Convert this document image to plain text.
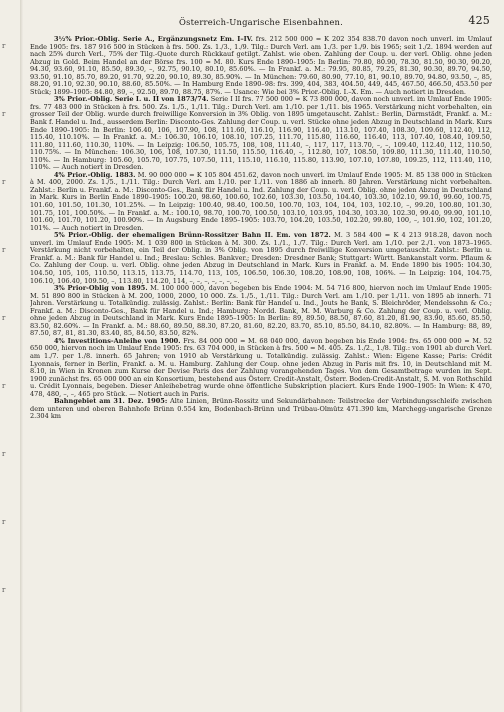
r
r
r
r
r
r
r
r
r
Österreich-Ungarische Eisenbahnen.	425

3½% Prior.-Oblig. Serie A., Ergänzungsnetz Em. I–IV. frs. 212 500 000 = K 202 354 838.70 davon noch unverl. im Umlauf Ende 1905: frs. 187 916 500 in Stücken à frs. 500. Zs. 1./3., 1./9. Tilg.: Durch Verl. am 1./3. per 1./9. bis 1965; seit 1./2. 1894 werden auf nach 25% durch Verl., 75% der Tilg.-Quote durch Rückkauf getilgt. Zahlst. wie oben. Zahlung der Coup. u. der verl. Oblig. ohne jeden Abzug in Gold. Beim Handel an der Börse frs. 100 = M. 80. Kurs Ende 1890–1905: In Berlin: 79.80, 80.90, 78.30, 81.50, 90.30, 90.20, 94.30, 93.60, 91.10, 85.50, 89.30, –, 92.75, 90.10, 80.10, 85.60%. — In Frankf. a. M.: 79.95, 80.85, 79.25, 81.30, 90.30, 89.70, 94.50, 93.50, 91.10, 85.70, 89.20, 91.70, 92.20, 90.10, 89.30, 85.90%. — In München: 79.60, 80.90, 77.10, 81, 90.10, 89.70, 94.80, 93.50, –, 85, 88.20, 91.10, 92.30, 90.10, 88.60, 85.50%. — In Hamburg Ende 1890–98: frs. 399, 404, 383, 404.50, 449, 445, 467.50, 466.50, 453.50 per Stück; 1899–1905: 84.80, 89, –, 92.50, 89.70, 88.75, 87%. — Usance: Wie bei 3% Prior.-Oblig. I.–X. Em. — Auch notiert in Dresden.

3% Prior.-Oblig. Serie I. u. II von 1873/74. Serie I II frs. 77 500 000 = K 73 800 000, davon noch unverl. im Umlauf Ende 1905: frs. 77 483 000 in Stücken à frs. 500. Zs. 1./5., 1./11. Tilg.: Durch Verl. am 1./10. per 1./11. bis 1965. Verstärkung nicht vorbehalten, ein grosser Teil der Oblig. wurde durch freiwillige Konversion in 3% Oblig. von 1895 umgetauscht. Zahlst.: Berlin, Darmstädt, Frankf. a. M.: Bank f. Handel u. Ind., ausserdem Berlin: Disconto-Ges. Zahlung der Coup. u. verl. Stücke ohne jeden Abzug in Deutschland in Mark. Kurs Ende 1890–1905: In Berlin: 106.40, 106, 107.90, 108, 111.60, 116.10, 116.90, 116.40, 113.10, 107.40, 108.30, 109.60, 112.40, 112, 115.40, 110.10%. — In Frankf. a. M.: 106.30, 106.10, 108.10, 107.25, 111.70, 115.80, 116.60, 116.40, 113, 107.40, 108.40, 109.50, 111.80, 111.60, 110.30, 110%. — In Leipzig: 106.50, 105.75, 108, 108, 111.40, –, 117, 117, 113.70, –, –, 109.40, 112.40, 112, 110.50, 110.75%. — In München: 106.30, 106, 108, 107.30, 111.50, 115.50, 116.40, –, 112.80, 107, 108.50, 109.80, 111.30, 111.40, 110.50, 110%. — In Hamburg: 105.60, 105.70, 107.75, 107.50, 111, 115.10, 116.10, 115.80, 113.90, 107.10, 107.80, 109.25, 112, 111.40, 110, 110%. — Auch notiert in Dresden.

4% Prior.-Oblig. 1883. M. 90 000 000 = K 105 804 451.62, davon noch unverl. im Umlauf Ende 1905: M. 85 138 000 in Stücken à M. 400, 2000. Zs. 1./5., 1./11. Tilg.: Durch Verl. am 1./10. per 1./11. von 1886 ab innerh. 80 Jahren. Verstärkung nicht vorbehalten. Zahlst.: Berlin u. Frankf. a. M.: Disconto-Ges., Bank für Handel u. Ind. Zahlung der Coup. u. verl. Oblig. ohne jeden Abzug in Deutschland in Mark. Kurs in Berlin Ende 1890–1905: 100.20, 98.60, 100.60, 102.60, 103.30, 103.50, 104.40, 103.30, 102.10, 99.10, 99.60, 100.75, 101.60, 101.50, 101.30, 101.25%. — In Leipzig: 100.40, 98.40, 100.50, 100.70, 103, 104, 104, 103, 102.10, –, 99.20, 100.80, 101.30, 101.75, 101, 100.50%. — In Frankf. a. M.: 100.10, 98.70, 100.70, 100.50, 103.10, 103.95, 104.30, 103.30, 102.30, 99.40, 99.90, 101.10, 101.60, 101.70, 101.20, 100.90%. — In Augsburg Ende 1895–1905: 103.70, 104.20, 103.50, 102.20, 99.80, 100, –, 101.90, 102, 101.20, 101%. — Auch notiert in Dresden.

5% Prior.-Oblig. der ehemaligen Brünn-Rossitzer Bahn II. Em. von 1872. M. 3 584 400 = K 4 213 918.28, davon noch unverl. im Umlauf Ende 1905: M. 1 039 800 in Stücken à M. 300. Zs. 1./1., 1./7. Tilg.: Durch Verl. am 1./10. per 2./1. von 1873–1965. Verstärkung nicht vorbehalten, ein Teil der Oblig. in 3% Oblig. von 1895 durch freiwillige Konversion umgetauscht. Zahlst.: Berlin u. Frankf. a. M.: Bank für Handel u. Ind.; Breslau: Schles. Bankver.; Dresden: Dresdner Bank; Stuttgart: Württ. Bankanstalt vorm. Pflaum & Co. Zahlung der Coup. u. verl. Oblig. ohne jeden Abzug in Deutschland in Mark. Kurs in Frankf. a. M. Ende 1890 bis 1905: 104.30, 104.50, 105, 105, 110.50, 113.15, 113.75, 114.70, 113, 105, 106.50, 106.30, 108.20, 108.90, 108, 106%. — In Leipzig: 104, 104.75, 106.10, 106.40, 109.50, –, 113.80, 114.20, 114, –, –, –, –, –, –, –.

3% Prior-Oblig von 1895. M. 100 000 000, davon begeben bis Ende 1904: M. 54 716 800, hiervon noch im Umlauf Ende 1905: M. 51 890 800 in Stücken à M. 200, 1000, 2000, 10 000. Zs. 1./5., 1./11. Tilg.: Durch Verl. am 1./10. per 1./11. von 1895 ab innerh. 71 Jahren. Verstärkung u. Totalkündig. zulässig. Zahlst.: Berlin: Bank für Handel u. Ind., Jouts he Bank, S. Bleichröder, Mendelssohn & Co.; Frankf. a. M.: Disconto-Ges., Bank für Handel u. Ind.; Hamburg: Nordd. Bank, M. M. Warburg & Co. Zahlung der Coup. u. verl. Oblig. ohne jeden Abzug in Deutschland in Mark. Kurs Ende 1895–1905: In Berlin: 89, 89.50, 88.50, 87.60, 81.20, 81.90, 83.90, 85.60, 85.50, 83.50, 82.60%. — In Frankf. a. M.: 88.60, 89.50, 88.30, 87.20, 81.60, 82.20, 83.70, 85.10, 85.50, 84.10, 82.80%. — In Hamburg: 88, 89, 87.50, 87, 81, 81.30, 83.40, 85, 84.50, 83.50, 82%.

4% Investitions-Anleihe von 1900. Frs. 84 000 000 = M. 68 040 000, davon begeben bis Ende 1904: frs. 65 000 000 = M. 52 650 000, hiervon noch im Umlauf Ende 1905: frs. 63 704 000, in Stücken à frs. 500 = M. 405. Zs. 1./2., 1./8. Tilg.: von 1901 ab durch Verl. am 1./7. per 1./8. innerh. 65 Jahren; von 1910 ab Verstärkung u. Totalkündig. zulässig. Zahlst.: Wien: Eigene Kasse; Paris: Crédit Lyonnais, ferner in Berlin, Frankf. a. M. u. Hamburg. Zahlung der Coup. ohne jeden Abzug in Paris mit frs. 10, in Deutschland mit M. 8.10, in Wien in Kronen zum Kurse der Devise Paris des der Zahlung vorangehenden Tages. Von dem Gesamtbetrage wurden im Sept. 1900 zunächst frs. 65 000 000 an ein Konsortium, bestehend aus Österr. Credit-Anstalt, Österr. Boden-Credit-Anstalt, S. M. von Rothschild u. Crédit Lyonnais, begeben. Dieser Anleihebetrag wurde ohne öffentliche Subskription placiert. Kurs Ende 1900–1905: In Wien: K 470, 478, 480, –, –, 465 pro Stück. — Notiert auch in Paris.

Bahngebiet am 31. Dez. 1905: Alte Linien, Brünn-Rossitz und Sekundärbahnen: Teilstrecke der Verbindungsschleife zwischen dem unteren und oberen Bahnhofe Brünn 0.554 km, Bodenbach-Brünn und Trübau-Olmütz 471.390 km, Marchegg-ungarische Grenze 2.304 km
